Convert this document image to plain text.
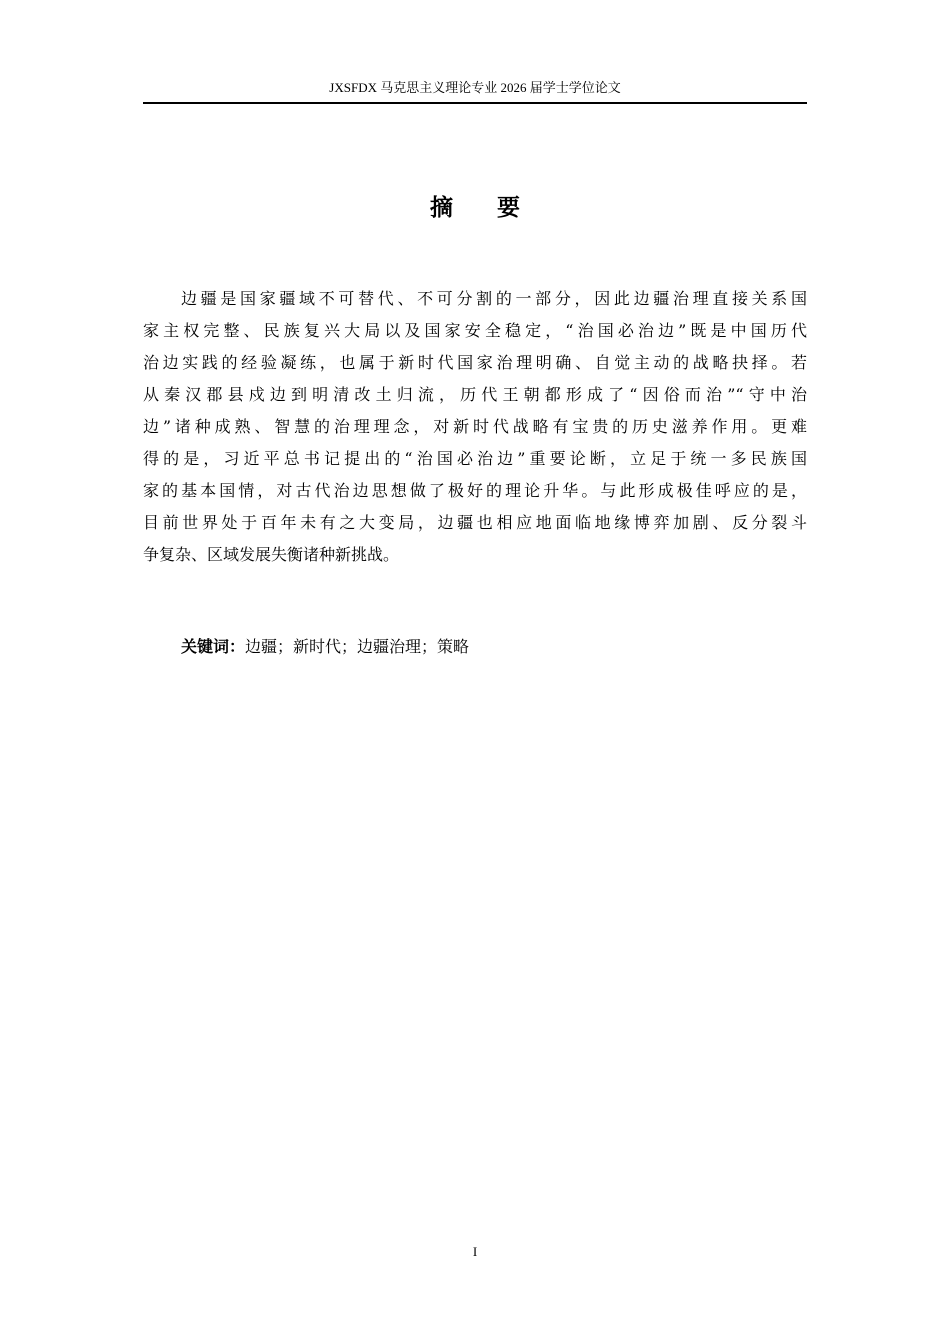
JXSFDX 马克思主义理论专业 2026 届学士学位论文
摘 要
边疆是国家疆域不可替代、不可分割的一部分，因此边疆治理直接关系国
家主权完整、民族复兴大局以及国家安全稳定，“治国必治边”既是中国历代
治边实践的经验凝练，也属于新时代国家治理明确、自觉主动的战略抉择。若
从秦汉郡县戍边到明清改土归流，历代王朝都形成了“因俗而治”“守中治
边”诸种成熟、智慧的治理理念，对新时代战略有宝贵的历史滋养作用。更难
得的是，习近平总书记提出的“治国必治边”重要论断，立足于统一多民族国
家的基本国情，对古代治边思想做了极好的理论升华。与此形成极佳呼应的是，
目前世界处于百年未有之大变局，边疆也相应地面临地缘博弈加剧、反分裂斗
争复杂、区域发展失衡诸种新挑战。
关键词：边疆；新时代；边疆治理；策略
I
